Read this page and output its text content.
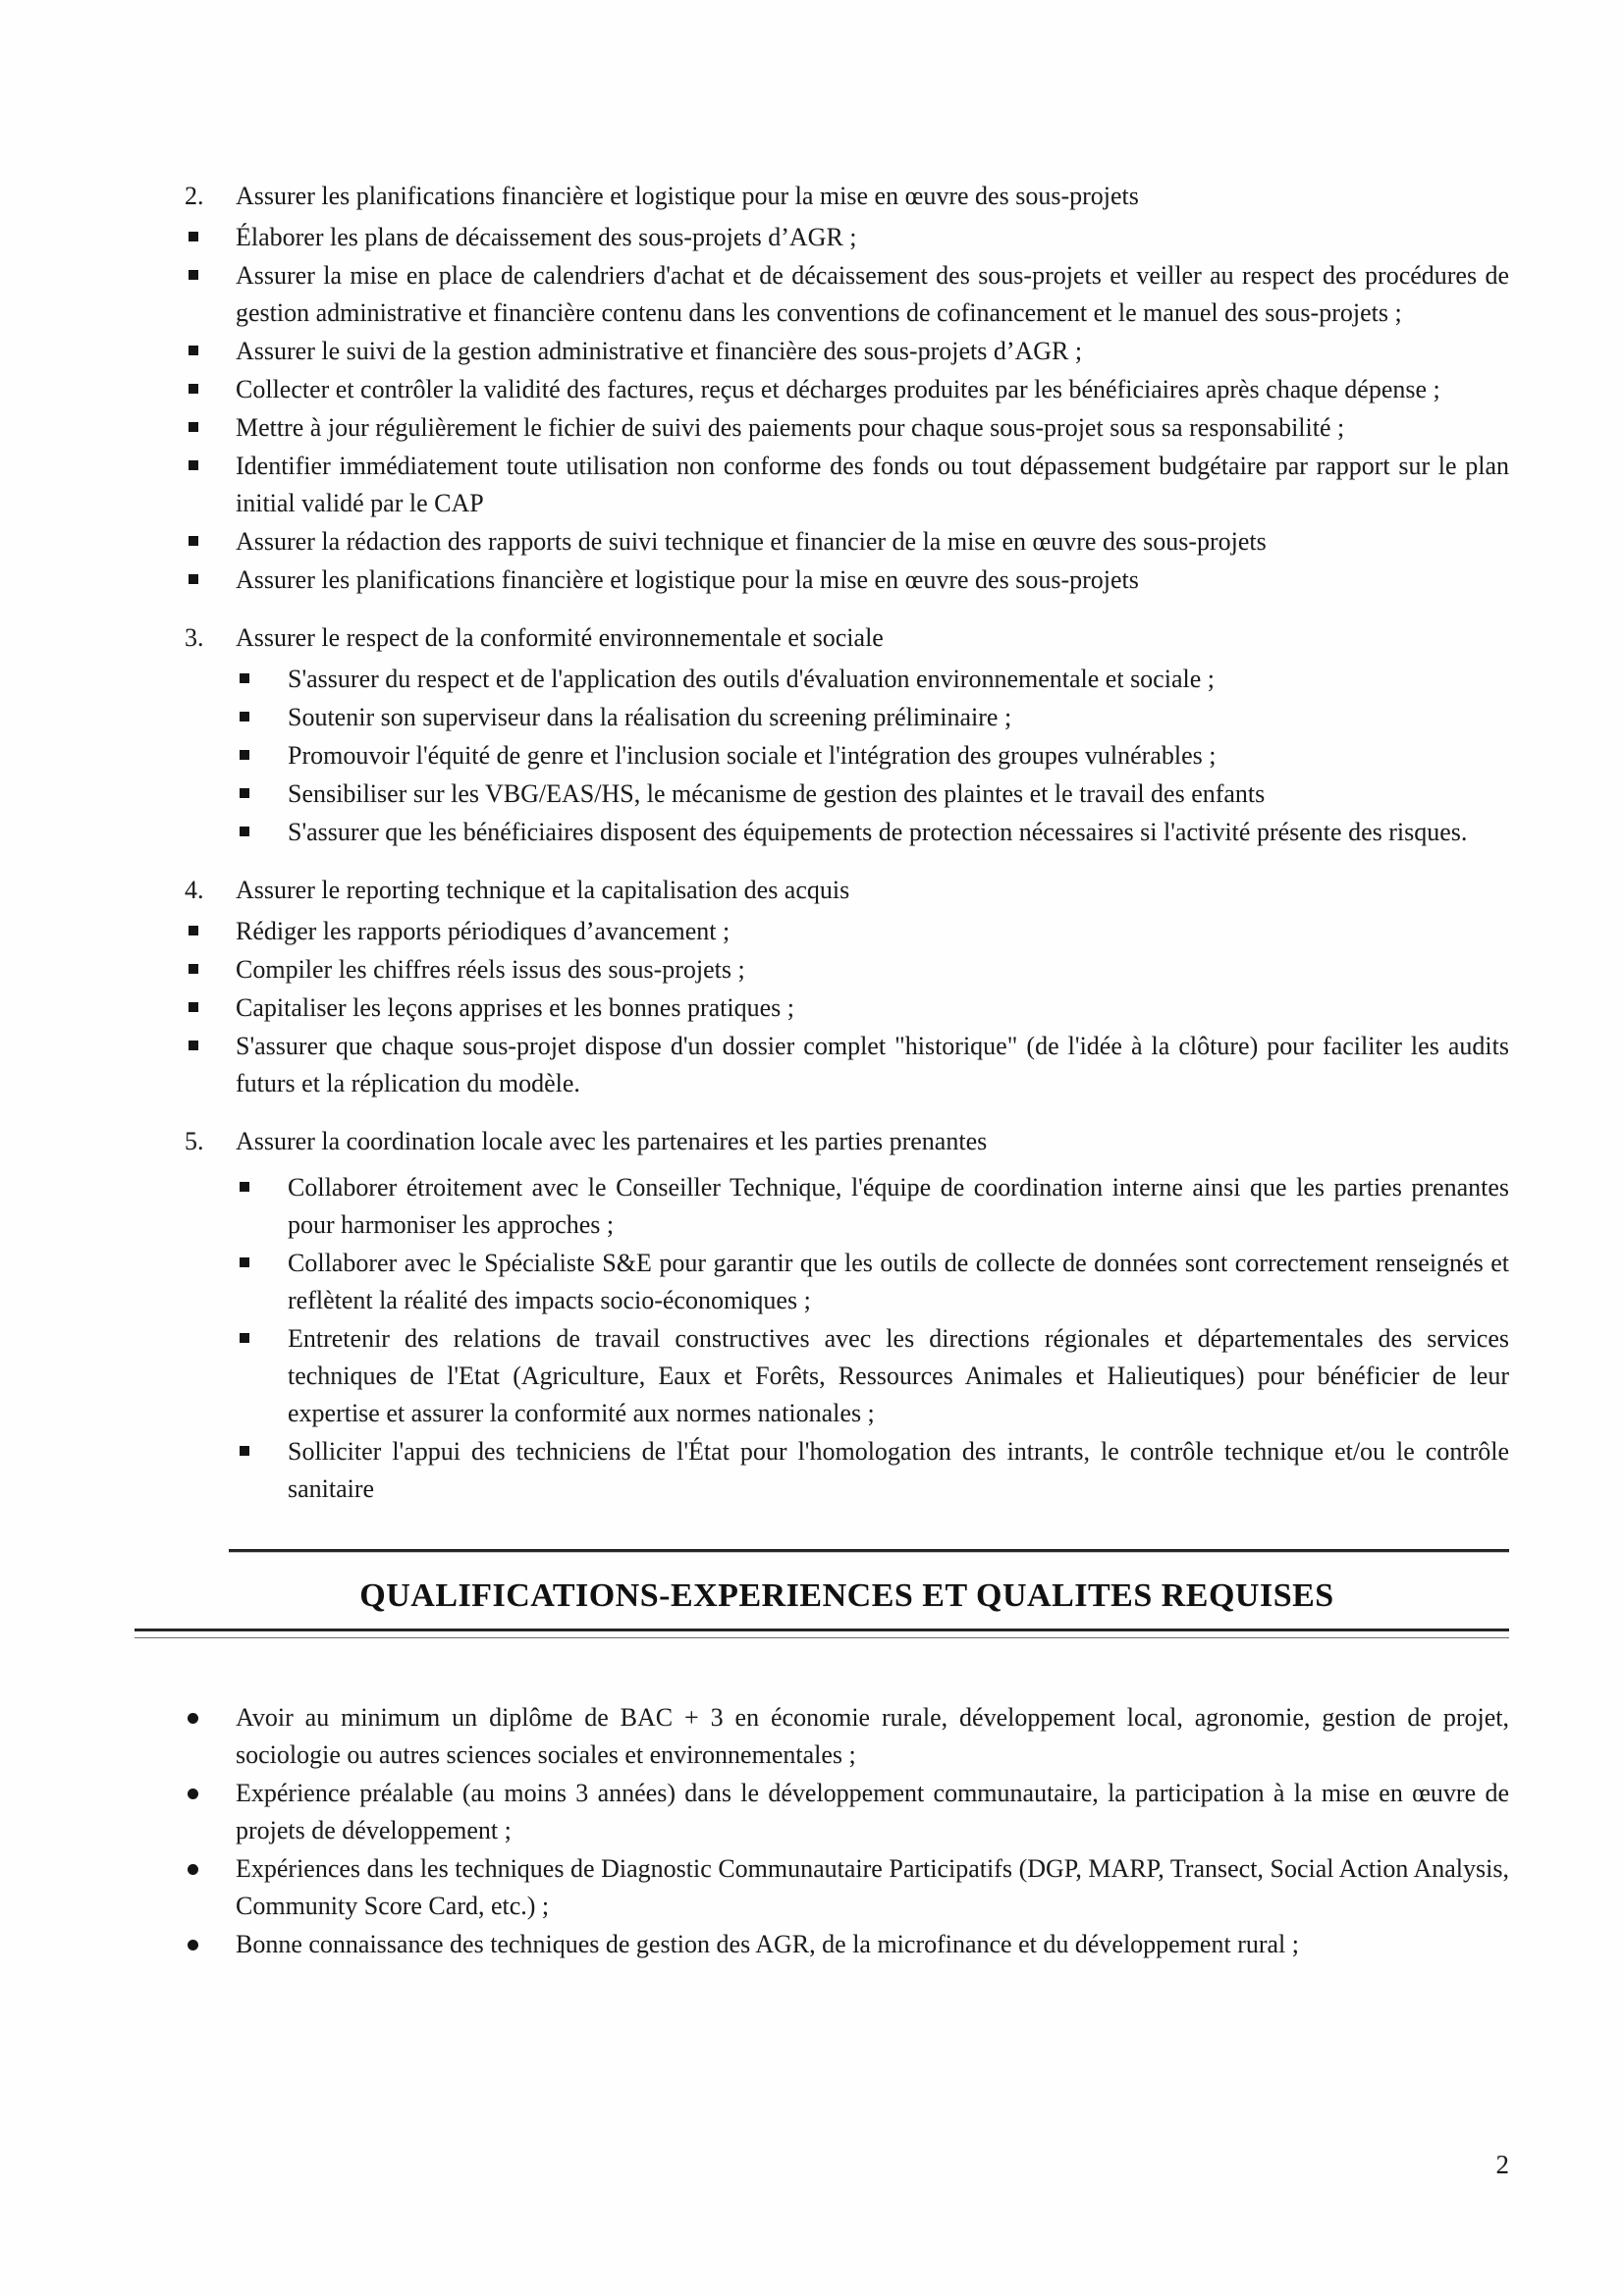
2. Assurer les planifications financière et logistique pour la mise en œuvre des sous-projets
Élaborer les plans de décaissement des sous-projets d’AGR ;
Assurer la mise en place de calendriers d'achat et de décaissement des sous-projets et veiller au respect des procédures de gestion administrative et financière contenu dans les conventions de cofinancement et le manuel des sous-projets ;
Assurer le suivi de la gestion administrative et financière des sous-projets d’AGR ;
Collecter et contrôler la validité des factures, reçus et décharges produites par les bénéficiaires après chaque dépense ;
Mettre à jour régulièrement le fichier de suivi des paiements pour chaque sous-projet sous sa responsabilité ;
Identifier immédiatement toute utilisation non conforme des fonds ou tout dépassement budgétaire par rapport sur le plan initial validé par le CAP
Assurer la rédaction des rapports de suivi technique et financier de la mise en œuvre des sous-projets
Assurer les planifications financière et logistique pour la mise en œuvre des sous-projets
3. Assurer le respect de la conformité environnementale et sociale
S'assurer du respect et de l'application des outils d'évaluation environnementale et sociale ;
Soutenir son superviseur dans la réalisation du screening préliminaire ;
Promouvoir l'équité de genre et l'inclusion sociale et l'intégration des groupes vulnérables ;
Sensibiliser sur les VBG/EAS/HS, le mécanisme de gestion des plaintes et le travail des enfants
S'assurer que les bénéficiaires disposent des équipements de protection nécessaires si l'activité présente des risques.
4. Assurer le reporting technique et la capitalisation des acquis
Rédiger les rapports périodiques d’avancement ;
Compiler les chiffres réels issus des sous-projets ;
Capitaliser les leçons apprises et les bonnes pratiques ;
S'assurer que chaque sous-projet dispose d'un dossier complet "historique" (de l'idée à la clôture) pour faciliter les audits futurs et la réplication du modèle.
5. Assurer la coordination locale avec les partenaires et les parties prenantes
Collaborer étroitement avec le Conseiller Technique, l'équipe de coordination interne ainsi que les parties prenantes pour harmoniser les approches ;
Collaborer avec le Spécialiste S&E pour garantir que les outils de collecte de données sont correctement renseignés et reflètent la réalité des impacts socio-économiques ;
Entretenir des relations de travail constructives avec les directions régionales et départementales des services techniques de l'Etat (Agriculture, Eaux et Forêts, Ressources Animales et Halieutiques) pour bénéficier de leur expertise et assurer la conformité aux normes nationales ;
Solliciter l'appui des techniciens de l'État pour l'homologation des intrants, le contrôle technique et/ou le contrôle sanitaire
QUALIFICATIONS-EXPERIENCES ET QUALITES REQUISES
Avoir au minimum un diplôme de BAC + 3 en économie rurale, développement local, agronomie, gestion de projet, sociologie ou autres sciences sociales et environnementales ;
Expérience préalable (au moins 3 années) dans le développement communautaire, la participation à la mise en œuvre de projets de développement ;
Expériences dans les techniques de Diagnostic Communautaire Participatifs (DGP, MARP, Transect, Social Action Analysis, Community Score Card, etc.) ;
Bonne connaissance des techniques de gestion des AGR, de la microfinance et du développement rural ;
2
